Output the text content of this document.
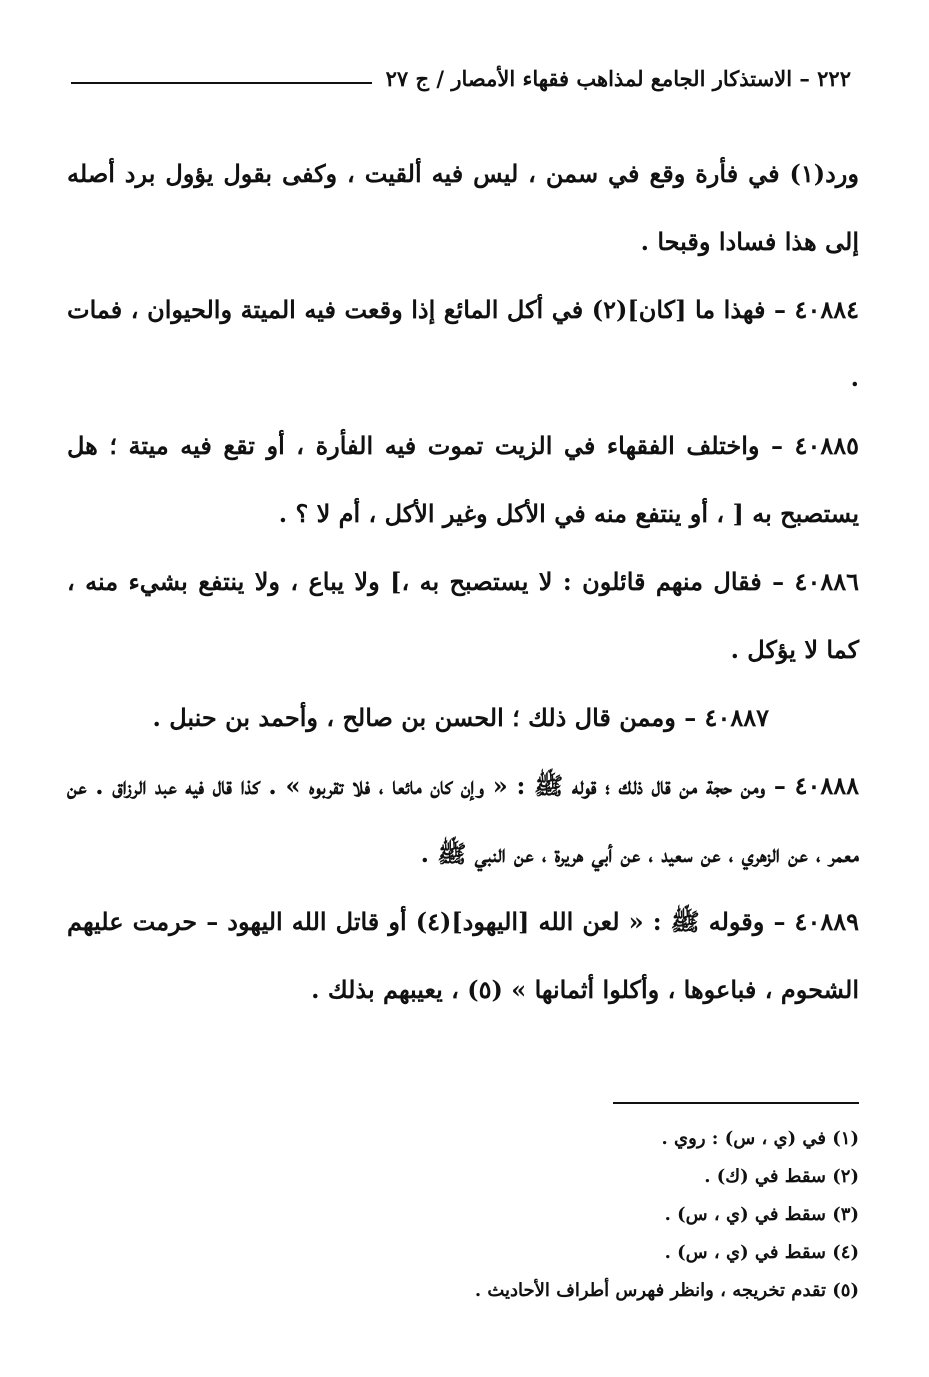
٢٢٢ – الاستذكار الجامع لمذاهب فقهاء الأمصار / ج ٢٧

ورد(١) في فأرة وقع في سمن ، ليس فيه ألقيت ، وكفى بقول يؤول برد أصله إلى هذا فسادا وقبحا .

٤٠٨٨٤ – فهذا ما [كان](٢) في أكل المائع إذا وقعت فيه الميتة والحيوان ، فمات .

٤٠٨٨٥ – واختلف الفقهاء في الزيت تموت فيه الفأرة ، أو تقع فيه ميتة ؛ هل يستصبح به [ ، أو ينتفع منه في الأكل وغير الأكل ، أم لا ؟ .

٤٠٨٨٦ – فقال منهم قائلون : لا يستصبح به ،] ولا يباع ، ولا ينتفع بشيء منه ، كما لا يؤكل .

٤٠٨٨٧ – وممن قال ذلك ؛ الحسن بن صالح ، وأحمد بن حنبل .

٤٠٨٨٨ – ومن حجة من قال ذلك ؛ قوله ﷺ : « وإن كان مائعا ، فلا تقربوه » . كذا قال فيه عبد الرزاق . عن معمر ، عن الزهري ، عن سعيد ، عن أبي هريرة ، عن النبي ﷺ .

٤٠٨٨٩ – وقوله ﷺ : « لعن الله [اليهود](٤) أو قاتل الله اليهود – حرمت عليهم الشحوم ، فباعوها ، وأكلوا أثمانها » (٥) ، يعيبهم بذلك .

(١) في (ي ، س) : روي .
(٢) سقط في (ك) .
(٣) سقط في (ي ، س) .
(٤) سقط في (ي ، س) .
(٥) تقدم تخريجه ، وانظر فهرس أطراف الأحاديث .
